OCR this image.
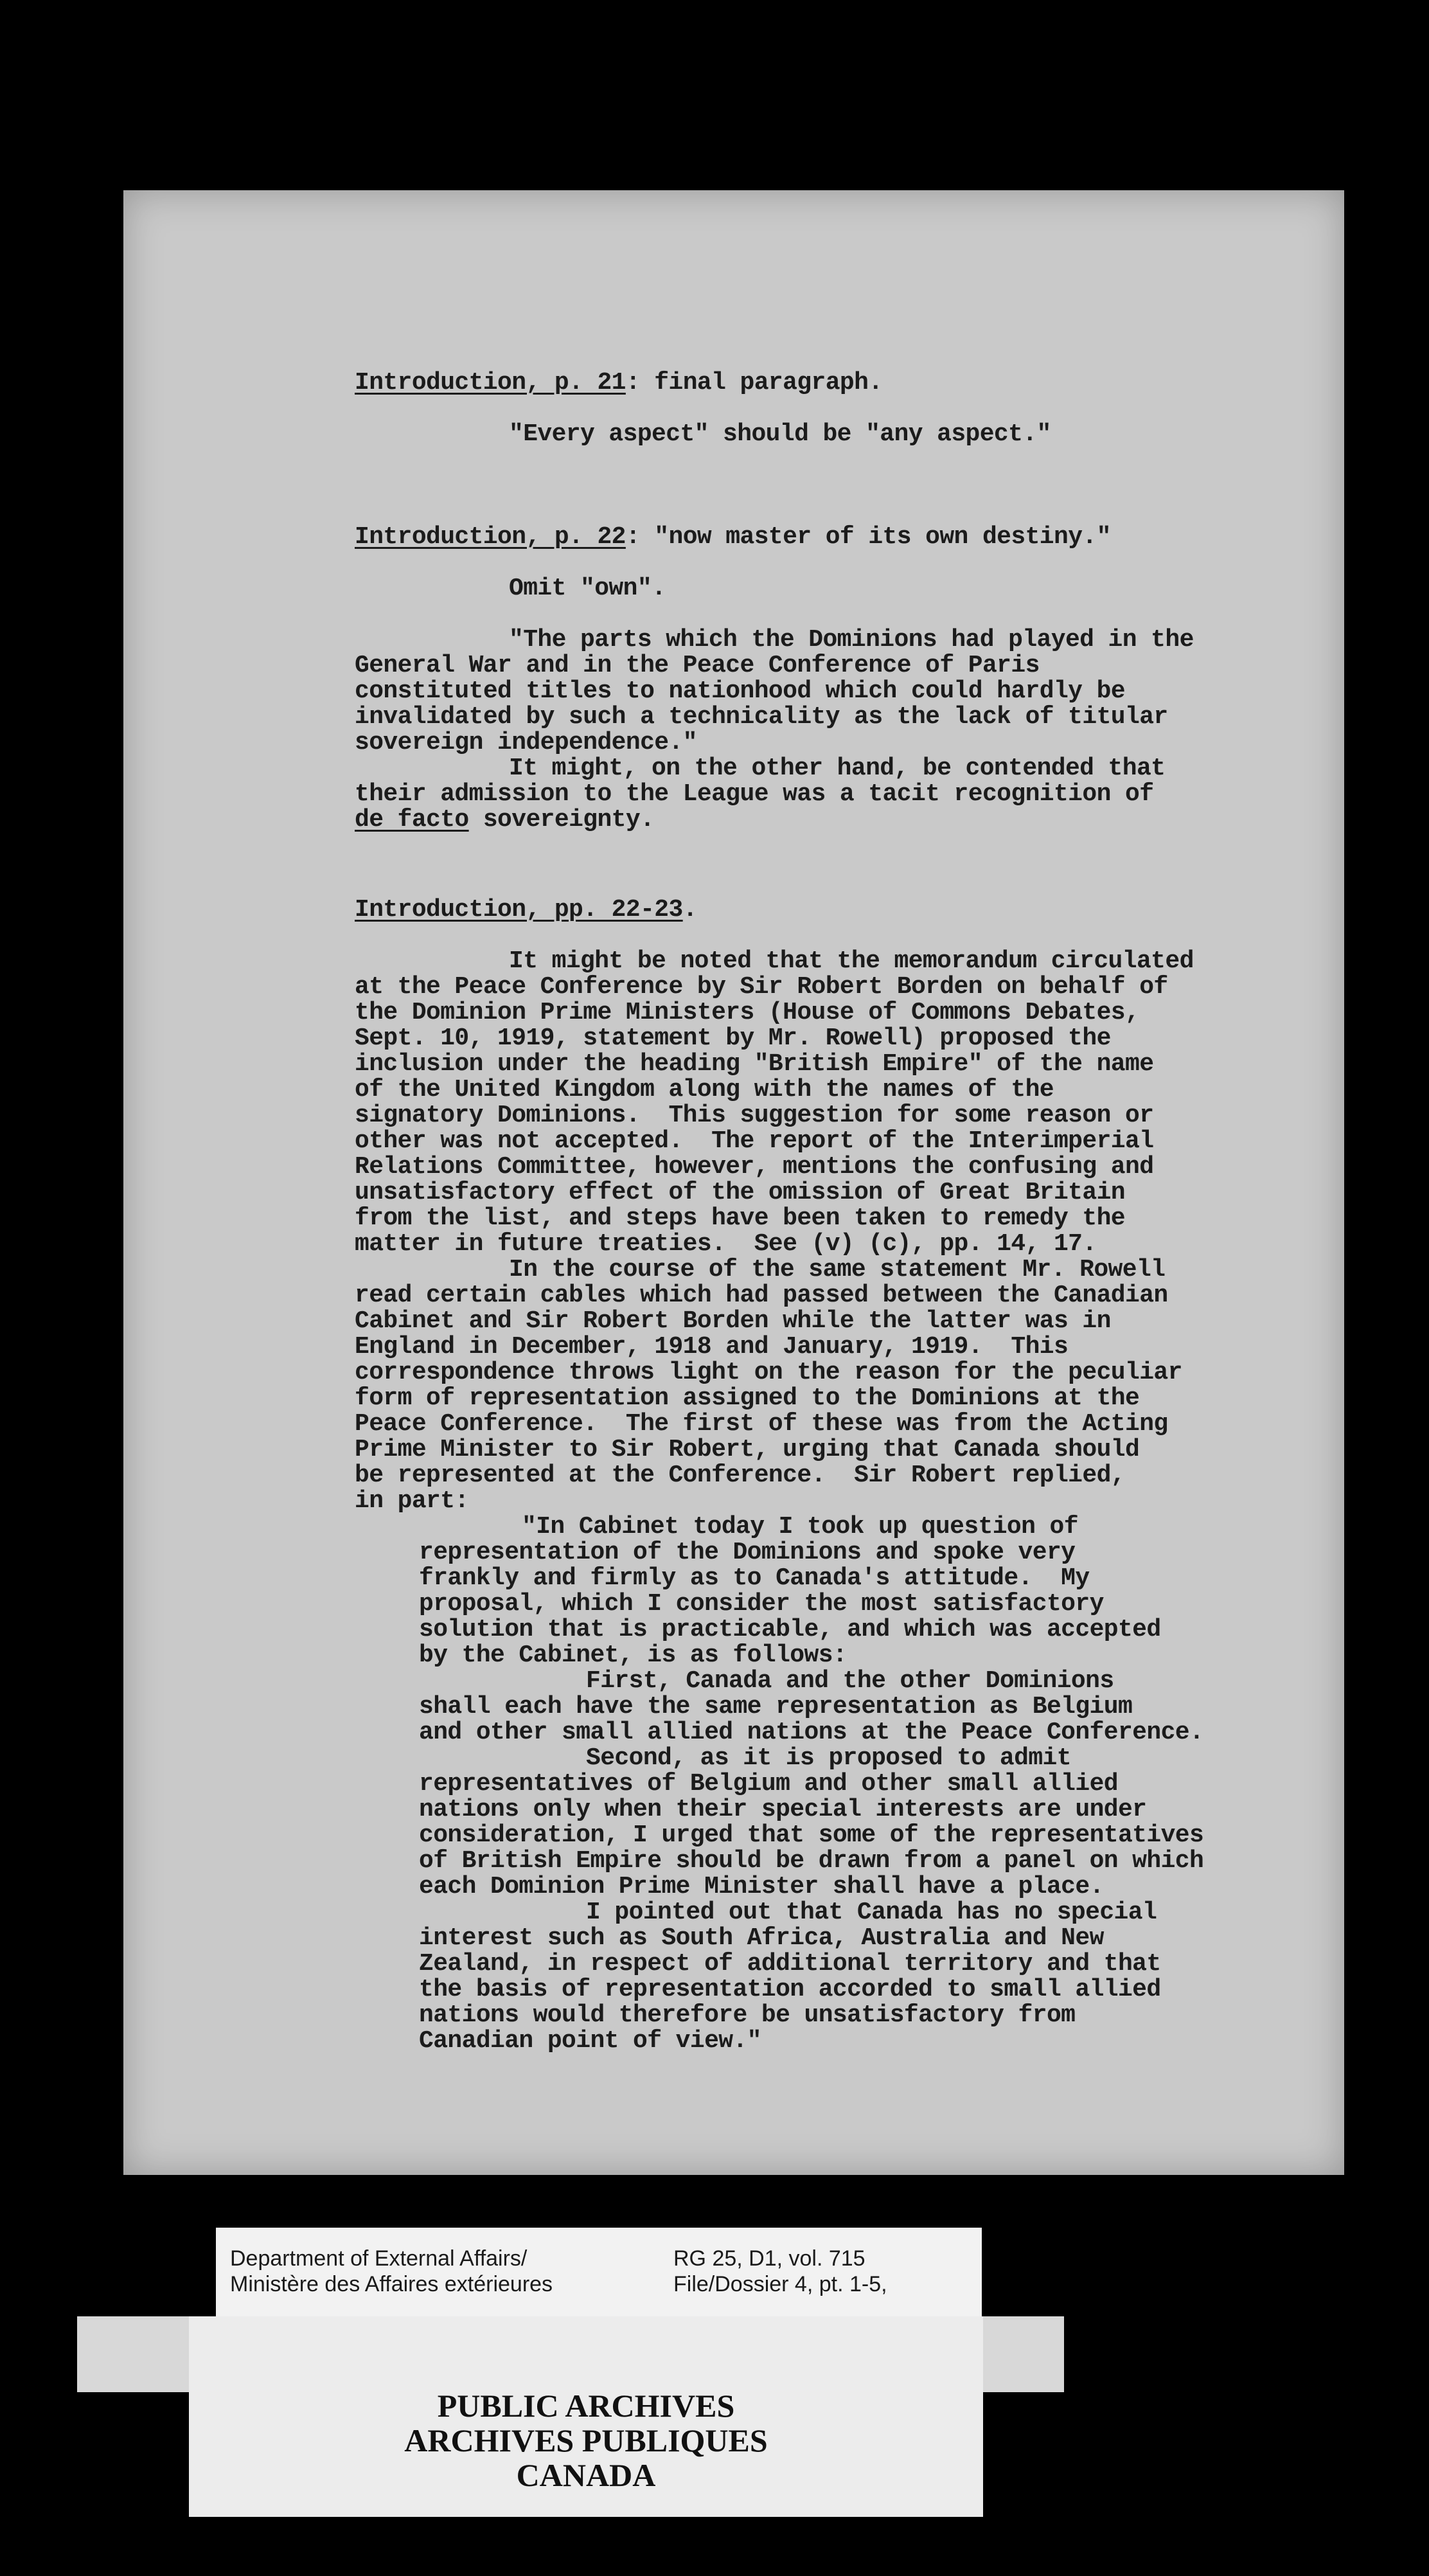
Introduction, p. 21: final paragraph.

"Every aspect" should be "any aspect."

Introduction, p. 22: "now master of its own destiny."

Omit "own".

"The parts which the Dominions had played in the

General War and in the Peace Conference of Paris

constituted titles to nationhood which could hardly be

invalidated by such a technicality as the lack of titular

sovereign independence."

It might, on the other hand, be contended that

their admission to the League was a tacit recognition of

de facto sovereignty.

Introduction, pp. 22-23.

It might be noted that the memorandum circulated

at the Peace Conference by Sir Robert Borden on behalf of

the Dominion Prime Ministers (House of Commons Debates,

Sept. 10, 1919, statement by Mr. Rowell) proposed the

inclusion under the heading "British Empire" of the name

of the United Kingdom along with the names of the

signatory Dominions.  This suggestion for some reason or

other was not accepted.  The report of the Interimperial

Relations Committee, however, mentions the confusing and

unsatisfactory effect of the omission of Great Britain

from the list, and steps have been taken to remedy the

matter in future treaties.  See (v) (c), pp. 14, 17.

In the course of the same statement Mr. Rowell

read certain cables which had passed between the Canadian

Cabinet and Sir Robert Borden while the latter was in

England in December, 1918 and January, 1919.  This

correspondence throws light on the reason for the peculiar

form of representation assigned to the Dominions at the

Peace Conference.  The first of these was from the Acting

Prime Minister to Sir Robert, urging that Canada should

be represented at the Conference.  Sir Robert replied,

in part:

"In Cabinet today I took up question of

representation of the Dominions and spoke very

frankly and firmly as to Canada's attitude.  My

proposal, which I consider the most satisfactory

solution that is practicable, and which was accepted

by the Cabinet, is as follows:

First, Canada and the other Dominions

shall each have the same representation as Belgium

and other small allied nations at the Peace Conference.

Second, as it is proposed to admit

representatives of Belgium and other small allied

nations only when their special interests are under

consideration, I urged that some of the representatives

of British Empire should be drawn from a panel on which

each Dominion Prime Minister shall have a place.

I pointed out that Canada has no special

interest such as South Africa, Australia and New

Zealand, in respect of additional territory and that

the basis of representation accorded to small allied

nations would therefore be unsatisfactory from

Canadian point of view."

Department of External Affairs/
Ministère des Affaires extérieures

RG 25, D1, vol. 715
File/Dossier 4, pt. 1-5,

PUBLIC ARCHIVES
ARCHIVES PUBLIQUES
CANADA
